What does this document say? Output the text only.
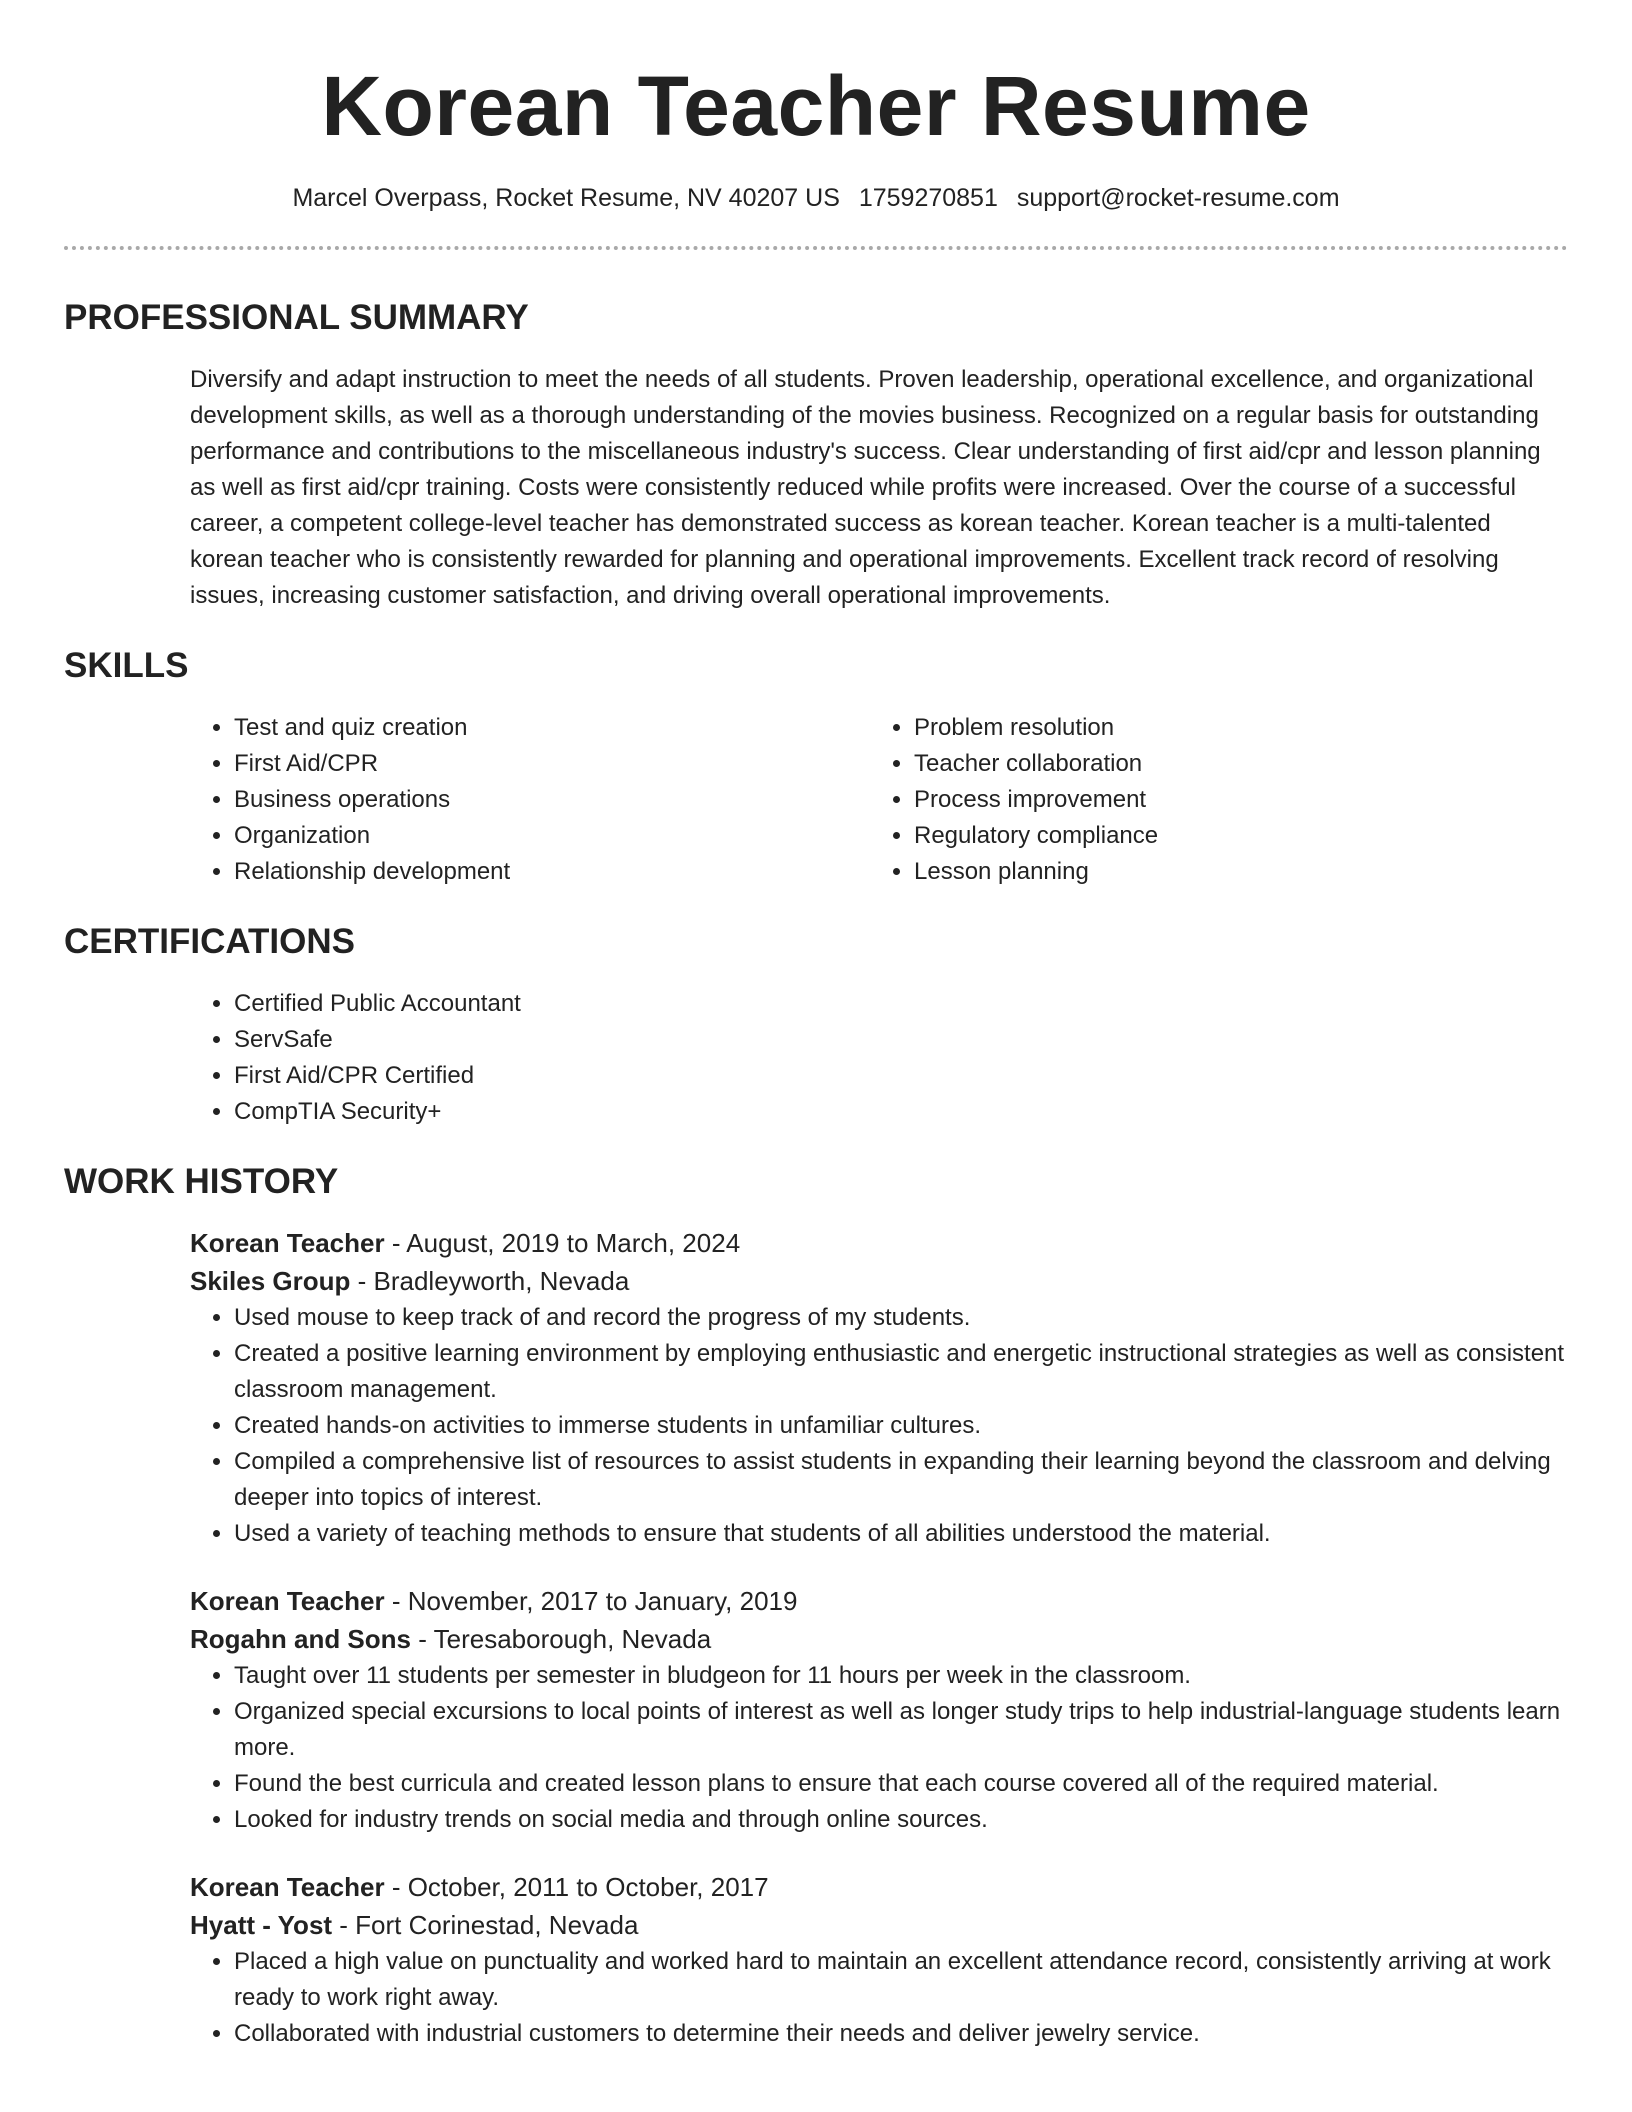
Korean Teacher Resume
Marcel Overpass, Rocket Resume, NV 40207 US 1759270851 support@rocket-resume.com
PROFESSIONAL SUMMARY

Diversify and adapt instruction to meet the needs of all students. Proven leadership, operational excellence, and organizational development skills, as well as a thorough understanding of the movies business. Recognized on a regular basis for outstanding performance and contributions to the miscellaneous industry's success. Clear understanding of first aid/cpr and lesson planning as well as first aid/cpr training. Costs were consistently reduced while profits were increased. Over the course of a successful career, a competent college-level teacher has demonstrated success as korean teacher. Korean teacher is a multi-talented korean teacher who is consistently rewarded for planning and operational improvements. Excellent track record of resolving issues, increasing customer satisfaction, and driving overall operational improvements.

SKILLS
• Test and quiz creation
• First Aid/CPR
• Business operations
• Organization
• Relationship development
• Problem resolution
• Teacher collaboration
• Process improvement
• Regulatory compliance
• Lesson planning
CERTIFICATIONS
• Certified Public Accountant
• ServSafe
• First Aid/CPR Certified
• CompTIA Security+
WORK HISTORY
Korean Teacher - August, 2019 to March, 2024
Skiles Group - Bradleyworth, Nevada
• Used mouse to keep track of and record the progress of my students.
• Created a positive learning environment by employing enthusiastic and energetic instructional strategies as well as consistent classroom management.
• Created hands-on activities to immerse students in unfamiliar cultures.
• Compiled a comprehensive list of resources to assist students in expanding their learning beyond the classroom and delving deeper into topics of interest.
• Used a variety of teaching methods to ensure that students of all abilities understood the material.
Korean Teacher - November, 2017 to January, 2019
Rogahn and Sons - Teresaborough, Nevada
• Taught over 11 students per semester in bludgeon for 11 hours per week in the classroom.
• Organized special excursions to local points of interest as well as longer study trips to help industrial-language students learn more.
• Found the best curricula and created lesson plans to ensure that each course covered all of the required material.
• Looked for industry trends on social media and through online sources.
Korean Teacher - October, 2011 to October, 2017
Hyatt - Yost - Fort Corinestad, Nevada
• Placed a high value on punctuality and worked hard to maintain an excellent attendance record, consistently arriving at work ready to work right away.
• Collaborated with industrial customers to determine their needs and deliver jewelry service.
